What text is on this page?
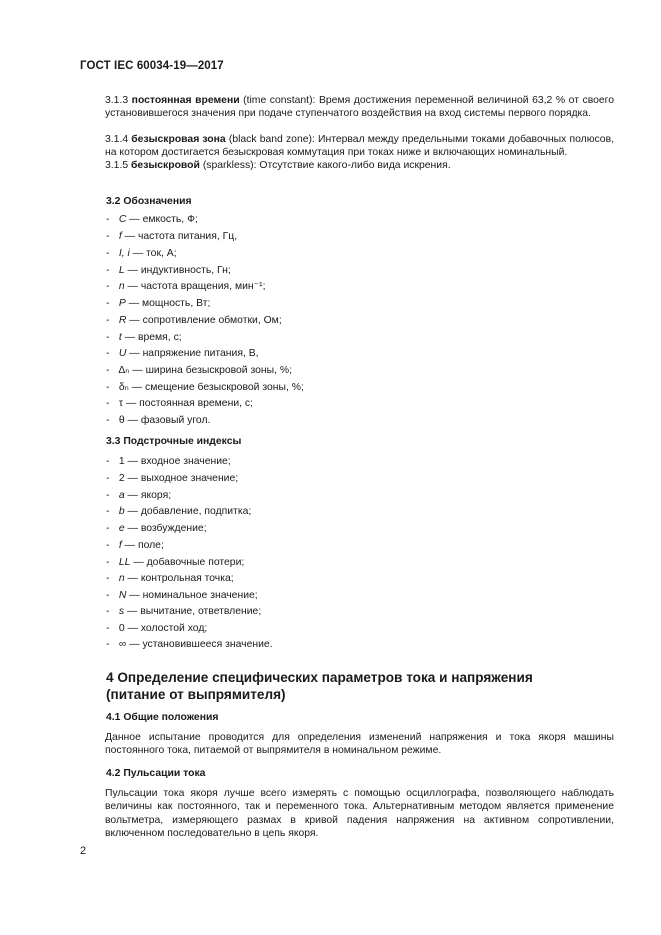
ГОСТ IEC 60034-19—2017
3.1.3 постоянная времени (time constant): Время достижения переменной величиной 63,2 % от своего установившегося значения при подаче ступенчатого воздействия на вход системы первого порядка.
3.1.4 безыскровая зона (black band zone): Интервал между предельными токами добавочных полюсов, на котором достигается безыскровая коммутация при токах ниже и включающих номинальный.
3.1.5 безыскровой (sparkless): Отсутствие какого-либо вида искрения.
3.2 Обозначения
- C — емкость, Ф;
- f — частота питания, Гц,
- I, i — ток, А;
- L — индуктивность, Гн;
- n — частота вращения, мин⁻¹;
- P — мощность, Вт;
- R — сопротивление обмотки, Ом;
- t — время, с;
- U — напряжение питания, В,
- Δₙ — ширина безыскровой зоны, %;
- δₙ — смещение безыскровой зоны, %;
- τ — постоянная времени, с;
- θ — фазовый угол.
3.3 Подстрочные индексы
- 1 — входное значение;
- 2 — выходное значение;
- a — якоря;
- b — добавление, подпитка;
- e — возбуждение;
- f — поле;
- LL — добавочные потери;
- n — контрольная точка;
- N — номинальное значение;
- s — вычитание, ответвление;
- 0 — холостой ход;
- ∞ — установившееся значение.
4 Определение специфических параметров тока и напряжения
(питание от выпрямителя)
4.1 Общие положения
Данное испытание проводится для определения изменений напряжения и тока якоря машины постоянного тока, питаемой от выпрямителя в номинальном режиме.
4.2 Пульсации тока
Пульсации тока якоря лучше всего измерять с помощью осциллографа, позволяющего наблюдать величины как постоянного, так и переменного тока. Альтернативным методом является применение вольтметра, измеряющего размах в кривой падения напряжения на активном сопротивлении, включенном последовательно в цепь якоря.
2
